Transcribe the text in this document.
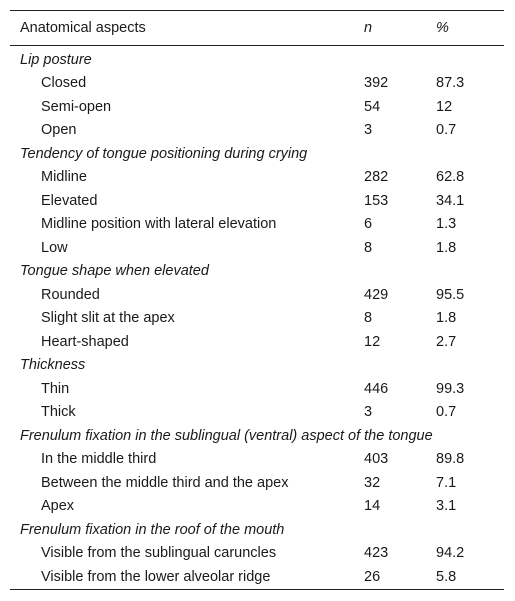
Anatomical aspects	n	%
Lip posture		
Closed	392	87.3
Semi-open	54	12
Open	3	0.7
Tendency of tongue positioning during crying		
Midline	282	62.8
Elevated	153	34.1
Midline position with lateral elevation	6	1.3
Low	8	1.8
Tongue shape when elevated		
Rounded	429	95.5
Slight slit at the apex	8	1.8
Heart-shaped	12	2.7
Thickness		
Thin	446	99.3
Thick	3	0.7
Frenulum fixation in the sublingual (ventral) aspect of the tongue		
In the middle third	403	89.8
Between the middle third and the apex	32	7.1
Apex	14	3.1
Frenulum fixation in the roof of the mouth		
Visible from the sublingual caruncles	423	94.2
Visible from the lower alveolar ridge	26	5.8
